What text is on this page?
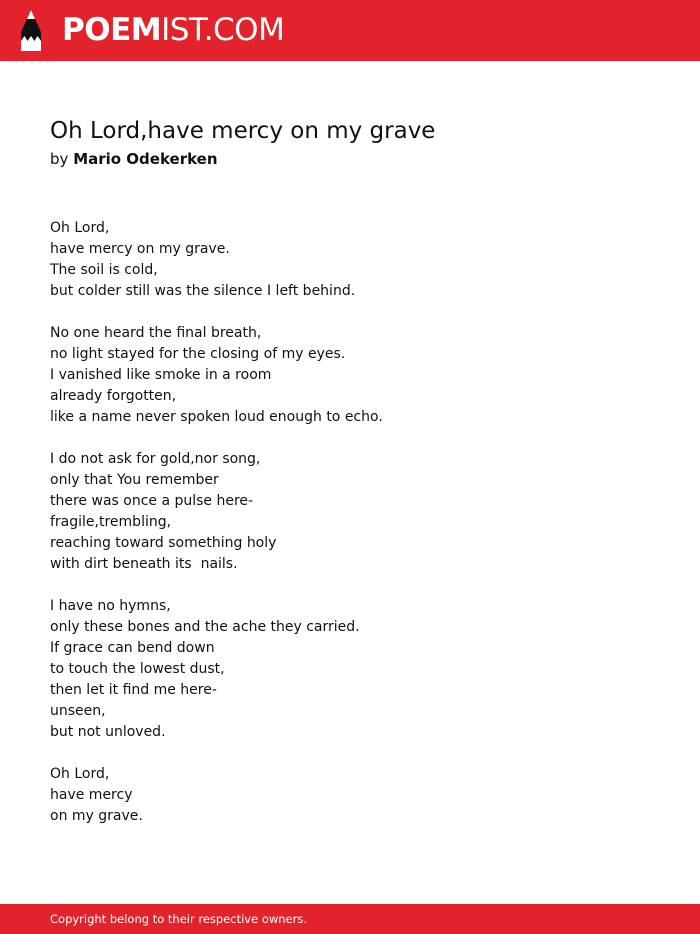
POEMIST.COM
Oh Lord,have mercy on my grave
by Mario Odekerken
Oh Lord,
have mercy on my grave.
The soil is cold,
but colder still was the silence I left behind.
No one heard the final breath,
no light stayed for the closing of my eyes.
I vanished like smoke in a room
already forgotten,
like a name never spoken loud enough to echo.
I do not ask for gold,nor song,
only that You remember
there was once a pulse here-
fragile,trembling,
reaching toward something holy
with dirt beneath its  nails.
I have no hymns,
only these bones and the ache they carried.
If grace can bend down
to touch the lowest dust,
then let it find me here-
unseen,
but not unloved.
Oh Lord,
have mercy
on my grave.
Copyright belong to their respective owners.
